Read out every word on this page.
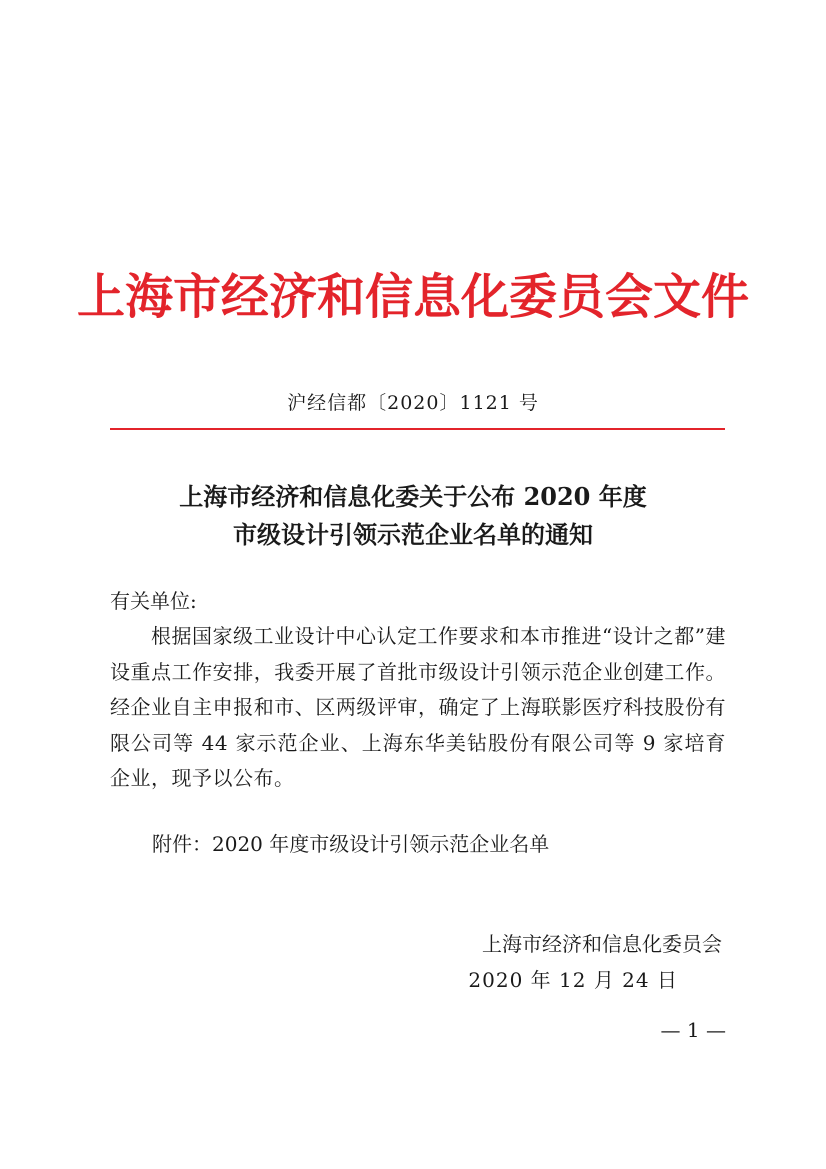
上海市经济和信息化委员会文件
沪经信都〔2020〕1121 号
上海市经济和信息化委关于公布 2020 年度
市级设计引领示范企业名单的通知
有关单位:
根据国家级工业设计中心认定工作要求和本市推进“设计之都”建设重点工作安排，我委开展了首批市级设计引领示范企业创建工作。经企业自主申报和市、区两级评审，确定了上海联影医疗科技股份有限公司等 44 家示范企业、上海东华美钻股份有限公司等 9 家培育企业，现予以公布。
附件：2020 年度市级设计引领示范企业名单
上海市经济和信息化委员会
2020 年 12 月 24 日
— 1 —
